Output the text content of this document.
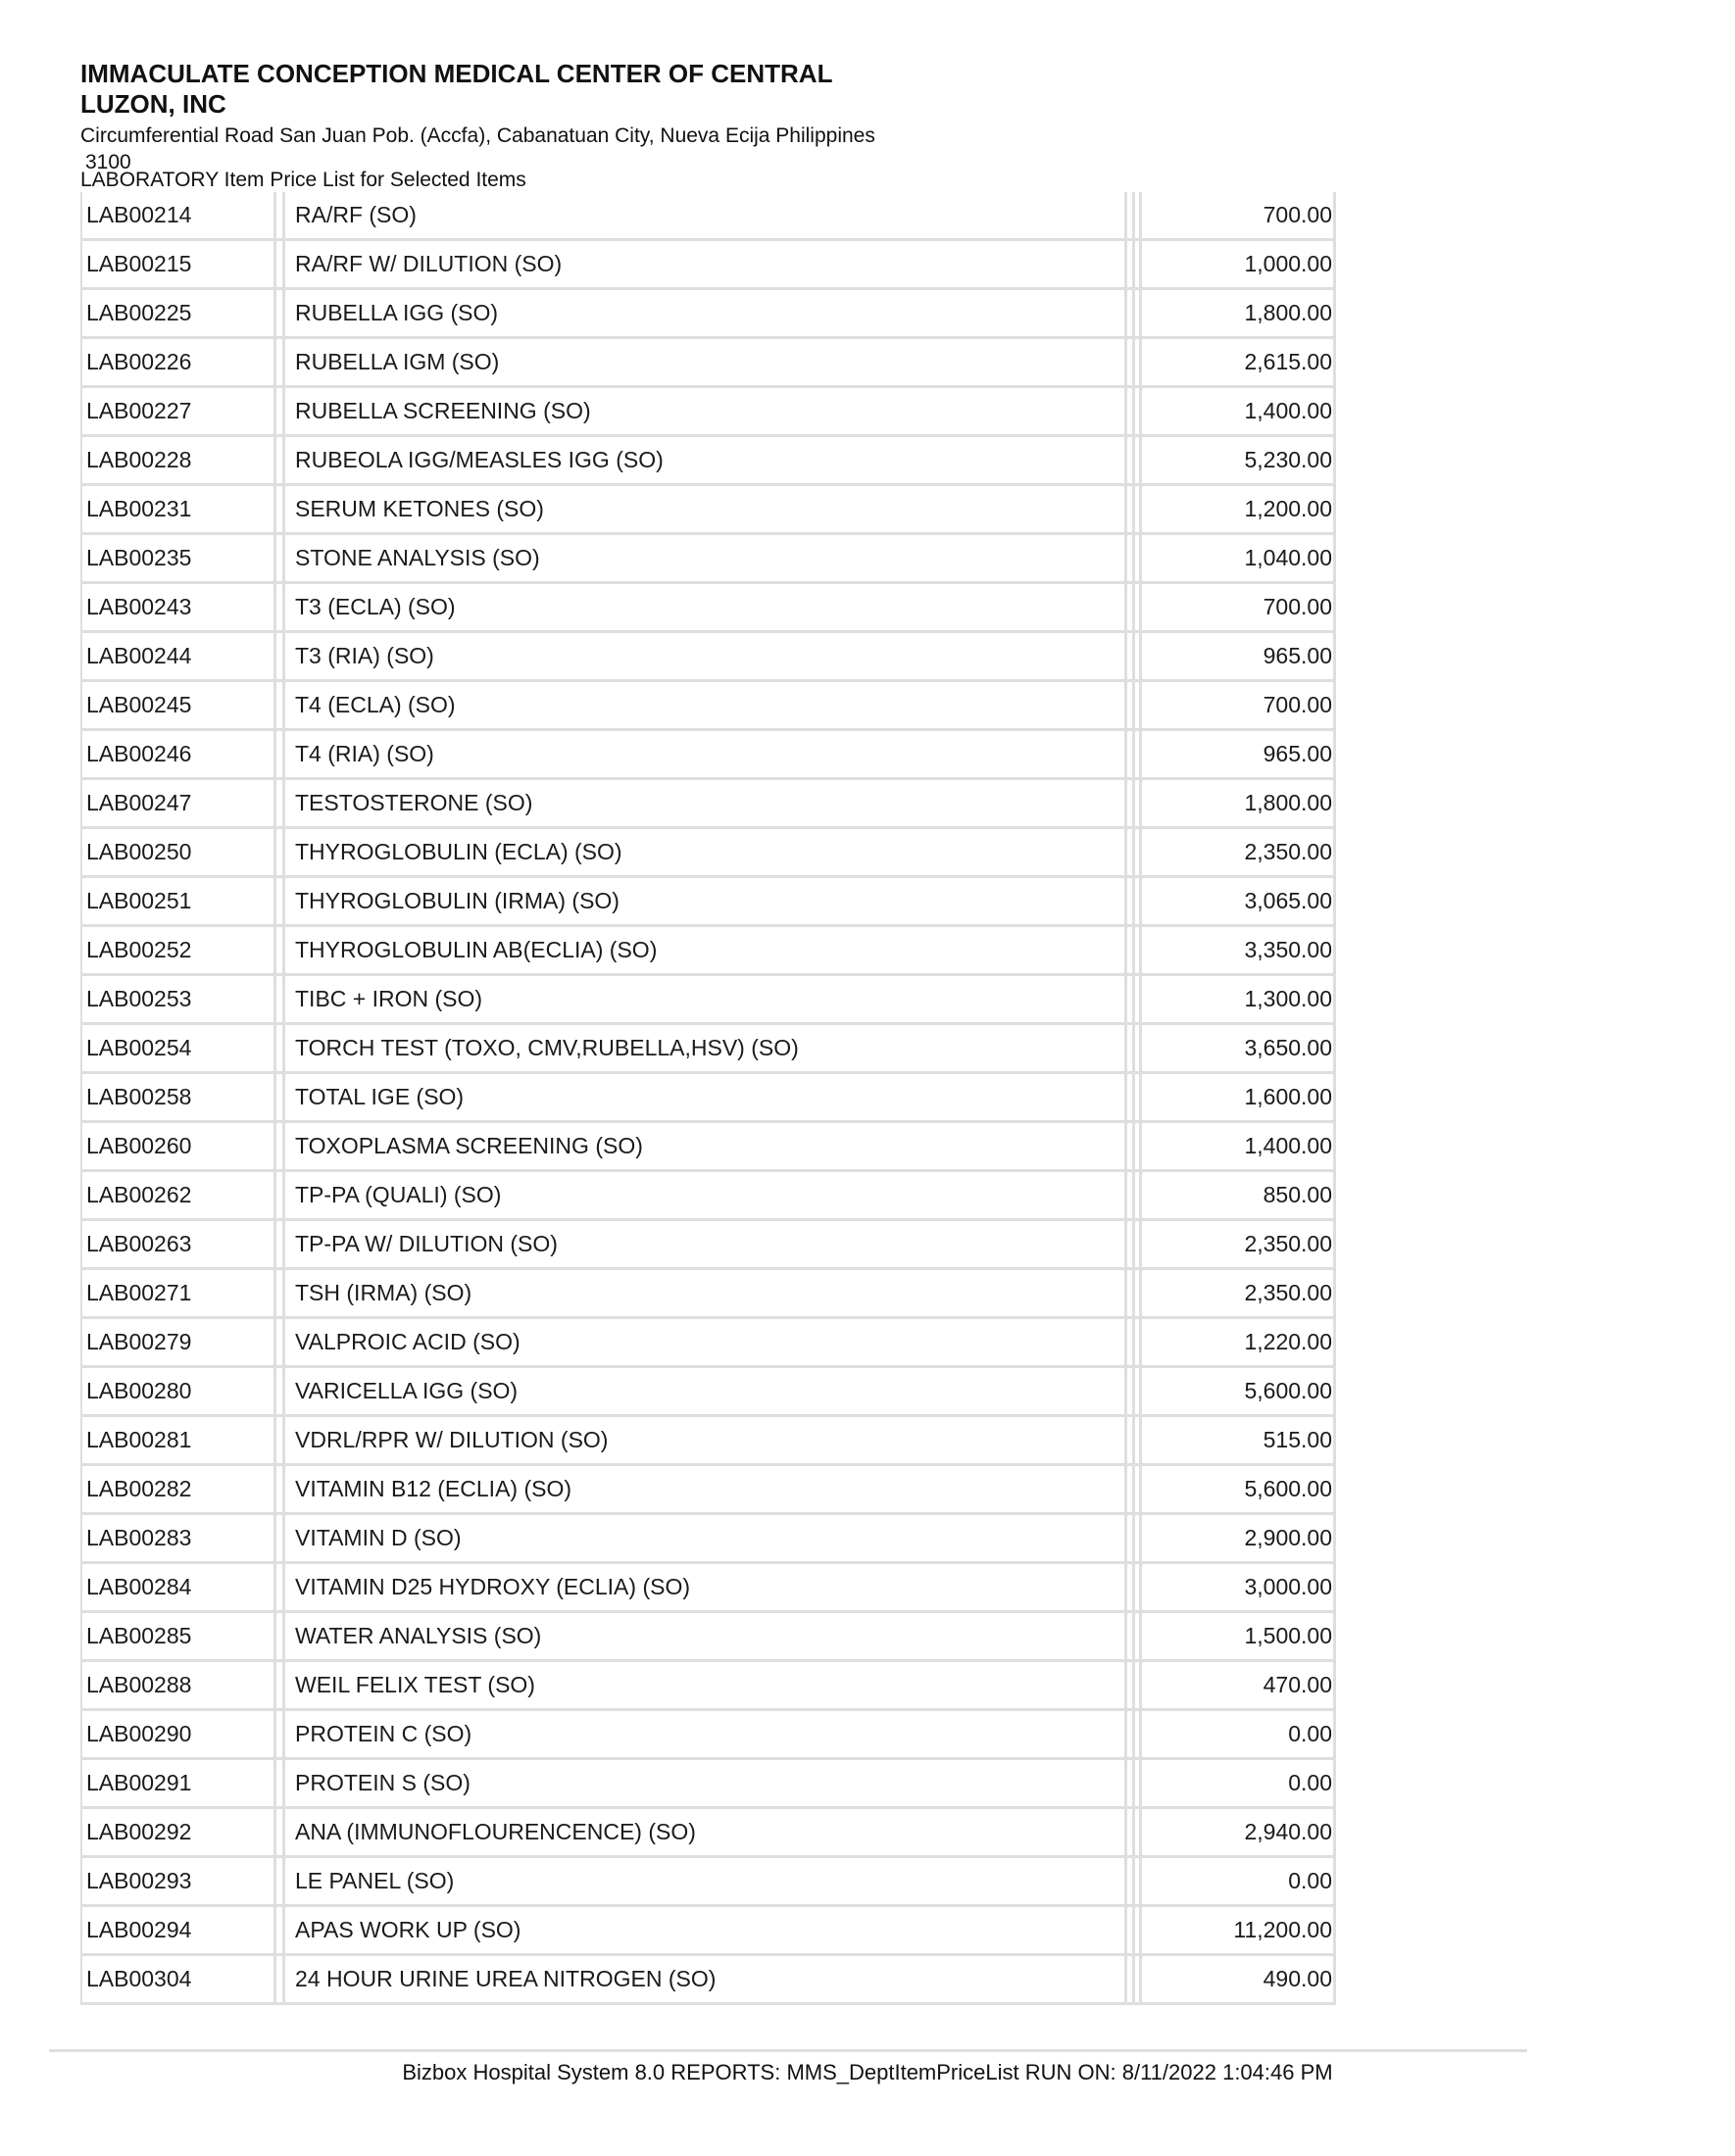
IMMACULATE CONCEPTION MEDICAL CENTER OF CENTRAL
LUZON, INC
Circumferential Road San Juan Pob. (Accfa), Cabanatuan City, Nueva Ecija Philippines
3100
LABORATORY Item Price List for Selected Items
LAB00214	RA/RF (SO)	700.00
LAB00215	RA/RF W/ DILUTION (SO)	1,000.00
LAB00225	RUBELLA IGG (SO)	1,800.00
LAB00226	RUBELLA IGM (SO)	2,615.00
LAB00227	RUBELLA SCREENING (SO)	1,400.00
LAB00228	RUBEOLA IGG/MEASLES IGG (SO)	5,230.00
LAB00231	SERUM KETONES (SO)	1,200.00
LAB00235	STONE ANALYSIS (SO)	1,040.00
LAB00243	T3 (ECLA) (SO)	700.00
LAB00244	T3 (RIA) (SO)	965.00
LAB00245	T4 (ECLA) (SO)	700.00
LAB00246	T4 (RIA) (SO)	965.00
LAB00247	TESTOSTERONE (SO)	1,800.00
LAB00250	THYROGLOBULIN (ECLA) (SO)	2,350.00
LAB00251	THYROGLOBULIN (IRMA) (SO)	3,065.00
LAB00252	THYROGLOBULIN AB(ECLIA) (SO)	3,350.00
LAB00253	TIBC + IRON (SO)	1,300.00
LAB00254	TORCH TEST (TOXO, CMV,RUBELLA,HSV) (SO)	3,650.00
LAB00258	TOTAL IGE (SO)	1,600.00
LAB00260	TOXOPLASMA SCREENING (SO)	1,400.00
LAB00262	TP-PA (QUALI) (SO)	850.00
LAB00263	TP-PA W/ DILUTION (SO)	2,350.00
LAB00271	TSH (IRMA) (SO)	2,350.00
LAB00279	VALPROIC ACID (SO)	1,220.00
LAB00280	VARICELLA IGG (SO)	5,600.00
LAB00281	VDRL/RPR W/ DILUTION (SO)	515.00
LAB00282	VITAMIN B12 (ECLIA) (SO)	5,600.00
LAB00283	VITAMIN D (SO)	2,900.00
LAB00284	VITAMIN D25 HYDROXY (ECLIA) (SO)	3,000.00
LAB00285	WATER ANALYSIS (SO)	1,500.00
LAB00288	WEIL FELIX TEST (SO)	470.00
LAB00290	PROTEIN C (SO)	0.00
LAB00291	PROTEIN S (SO)	0.00
LAB00292	ANA (IMMUNOFLOURENCENCE) (SO)	2,940.00
LAB00293	LE PANEL (SO)	0.00
LAB00294	APAS WORK UP (SO)	11,200.00
LAB00304	24 HOUR URINE UREA NITROGEN (SO)	490.00
Bizbox Hospital System 8.0 REPORTS: MMS_DeptItemPriceList RUN ON: 8/11/2022 1:04:46 PM
